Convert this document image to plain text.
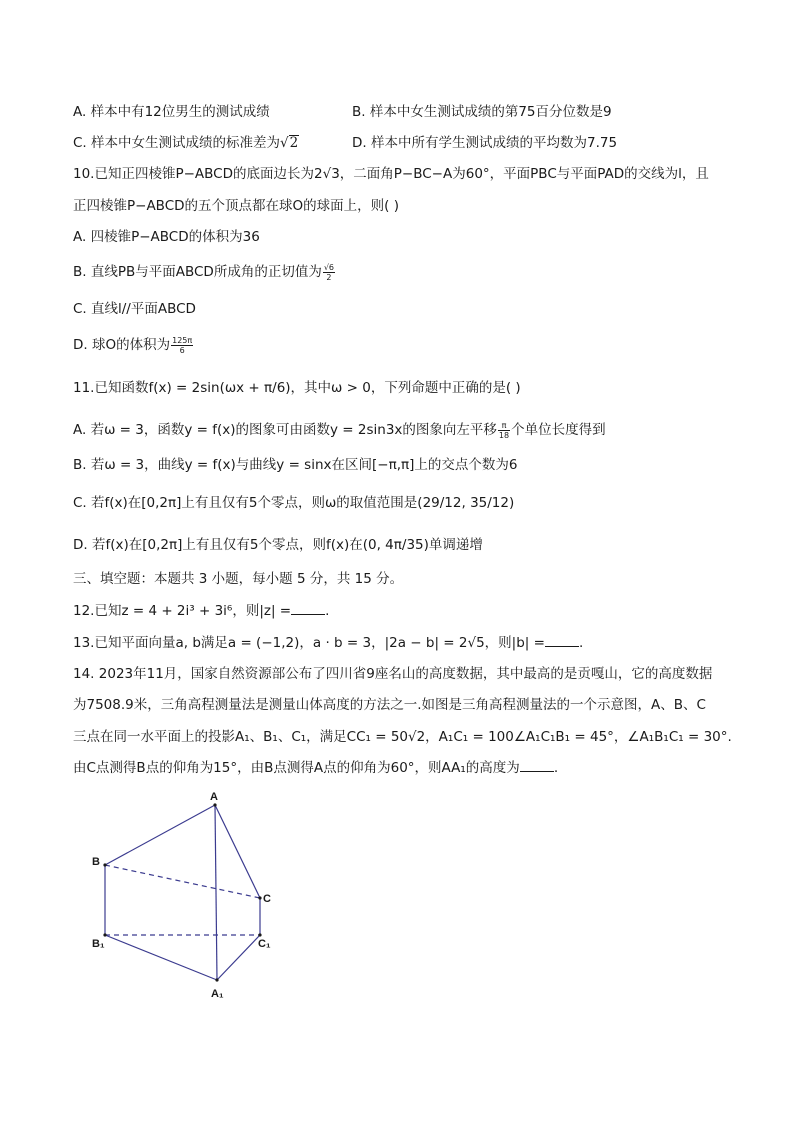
A. 样本中有12位男生的测试成绩	B. 样本中女生测试成绩的第75百分位数是9
C. 样本中女生测试成绩的标准差为√2	D. 样本中所有学生测试成绩的平均数为7.75
10.已知正四棱锥P−ABCD的底面边长为2√3，二面角P−BC−A为60°，平面PBC与平面PAD的交线为l，且
正四棱锥P−ABCD的五个顶点都在球O的球面上，则( )
A. 四棱锥P−ABCD的体积为36
B. 直线PB与平面ABCD所成角的正切值为 $\frac{√6}{2}$
C. 直线l//平面ABCD
D. 球O的体积为 $\frac{125\pi}{6}$
11.已知函数f(x) = 2sin(ωx + π/6)，其中ω > 0，下列命题中正确的是( )
A. 若ω = 3，函数y = f(x)的图象可由函数y = 2sin3x的图象向左平移 $\frac{\pi}{18}$ 个单位长度得到
B. 若ω = 3，曲线y = f(x)与曲线y = sinx在区间[−π,π]上的交点个数为6
C. 若f(x)在[0,2π]上有且仅有5个零点，则ω的取值范围是(29/12, 35/12)
D. 若f(x)在[0,2π]上有且仅有5个零点，则f(x)在(0, 4π/35)单调递增
三、填空题：本题共 3 小题，每小题 5 分，共 15 分。
12.已知z = 4 + 2i³ + 3i⁶，则|z| =	.
13.已知平面向量a, b满足a = (−1,2)，a · b = 3，|2a − b| = 2√5，则|b| =	.
14. 2023年11月，国家自然资源部公布了四川省9座名山的高度数据，其中最高的是贡嘎山，它的高度数据
为7508.9米，三角高程测量法是测量山体高度的方法之一.如图是三角高程测量法的一个示意图，A、B、C
三点在同一水平面上的投影A₁、B₁、C₁，满足CC₁ = 50√2，A₁C₁ = 100∠A₁C₁B₁ = 45°，∠A₁B₁C₁ = 30°.
由C点测得B点的仰角为15°，由B点测得A点的仰角为60°，则AA₁的高度为	.
A
B
C
B₁	C₁
A₁
